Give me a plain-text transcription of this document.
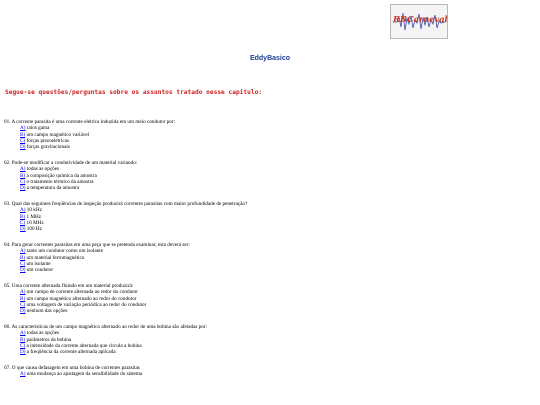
RBCarneval
EddyBasico
Segue-se questões/perguntas sobre os assuntos tratado nesse capitulo:
01. A corrente parasita é uma corrente elétrica induzida em um meio condutor por:
A) raios gama
B) um campo magnético variável
C) forças piezoelétricas
D) forças gravitacionais
02. Pode-se modificar a condutividade de um material variando:
A) todas as opções
B) a composição química da amostra
C) o tratamento térmico da amostra
D) a temperatura da amostra
03. Qual das seguintes freqüências de inspeção produzirá correntes parasitas com maior profundidade de penetração?
A) 10 kHz
B) 1 MHz
C) 10 MHz
D) 100 Hz
04. Para gerar correntes parasitas em uma peça que se pretenda examinar, esta deverá ser:
A) tanto um condutor como um isolante
B) um material ferromagnético
C) um isolante
D) um condutor
05. Uma corrente alternada fluindo em um material produzirá:
A) um campo de corrente alternada ao redor do condutor
B) um campo magnético alternado ao redor do condutor
C) uma voltagem de variação periódica ao redor do condutor
D) nenhum das opções
06. As características de um campo magnético alternado ao redor de uma bobina são afetadas por:
A) todas as opções
B) parâmetros da bobina
C) a intensidade da corrente alternada que circula a bobina
D) a freqüência da corrente alternada aplicada
07. O que causa defasagem em uma bobina de correntes parasitas
A) uma mudança ao ajustagem da sensibilidade do sistema
